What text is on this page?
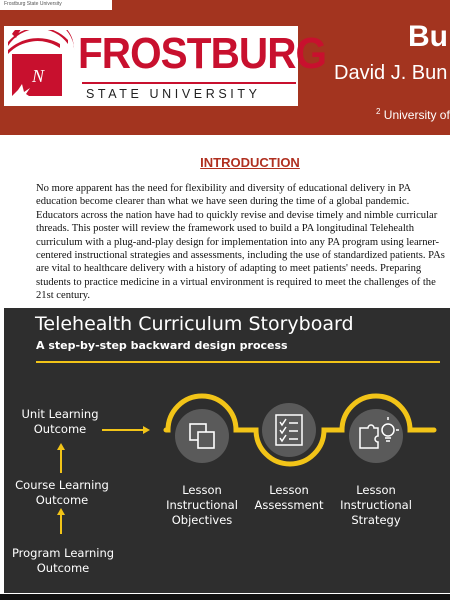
Frostburg State University
N FROSTBURG
STATE UNIVERSITY
Bu
David J. Bun
$^2$ University of
INTRODUCTION
No more apparent has the need for flexibility and diversity of educational delivery in PA
education become clearer than what we have seen during the time of a global pandemic.
Educators across the nation have had to quickly revise and devise timely and nimble curricular
threads. This poster will review the framework used to build a PA longitudinal Telehealth
curriculum with a plug-and-play design for implementation into any PA program using learner-
centered instructional strategies and assessments, including the use of standardized patients. PAs
are vital to healthcare delivery with a history of adapting to meet patients' needs. Preparing
students to practice medicine in a virtual environment is required to meet the challenges of the
21st century.
Telehealth Curriculum Storyboard
A step-by-step backward design process
Unit Learning
Outcome
Course Learning
Outcome
Program Learning
Outcome
Lesson
Instructional
Objectives
Lesson
Assessment
Lesson
Instructional
Strategy
